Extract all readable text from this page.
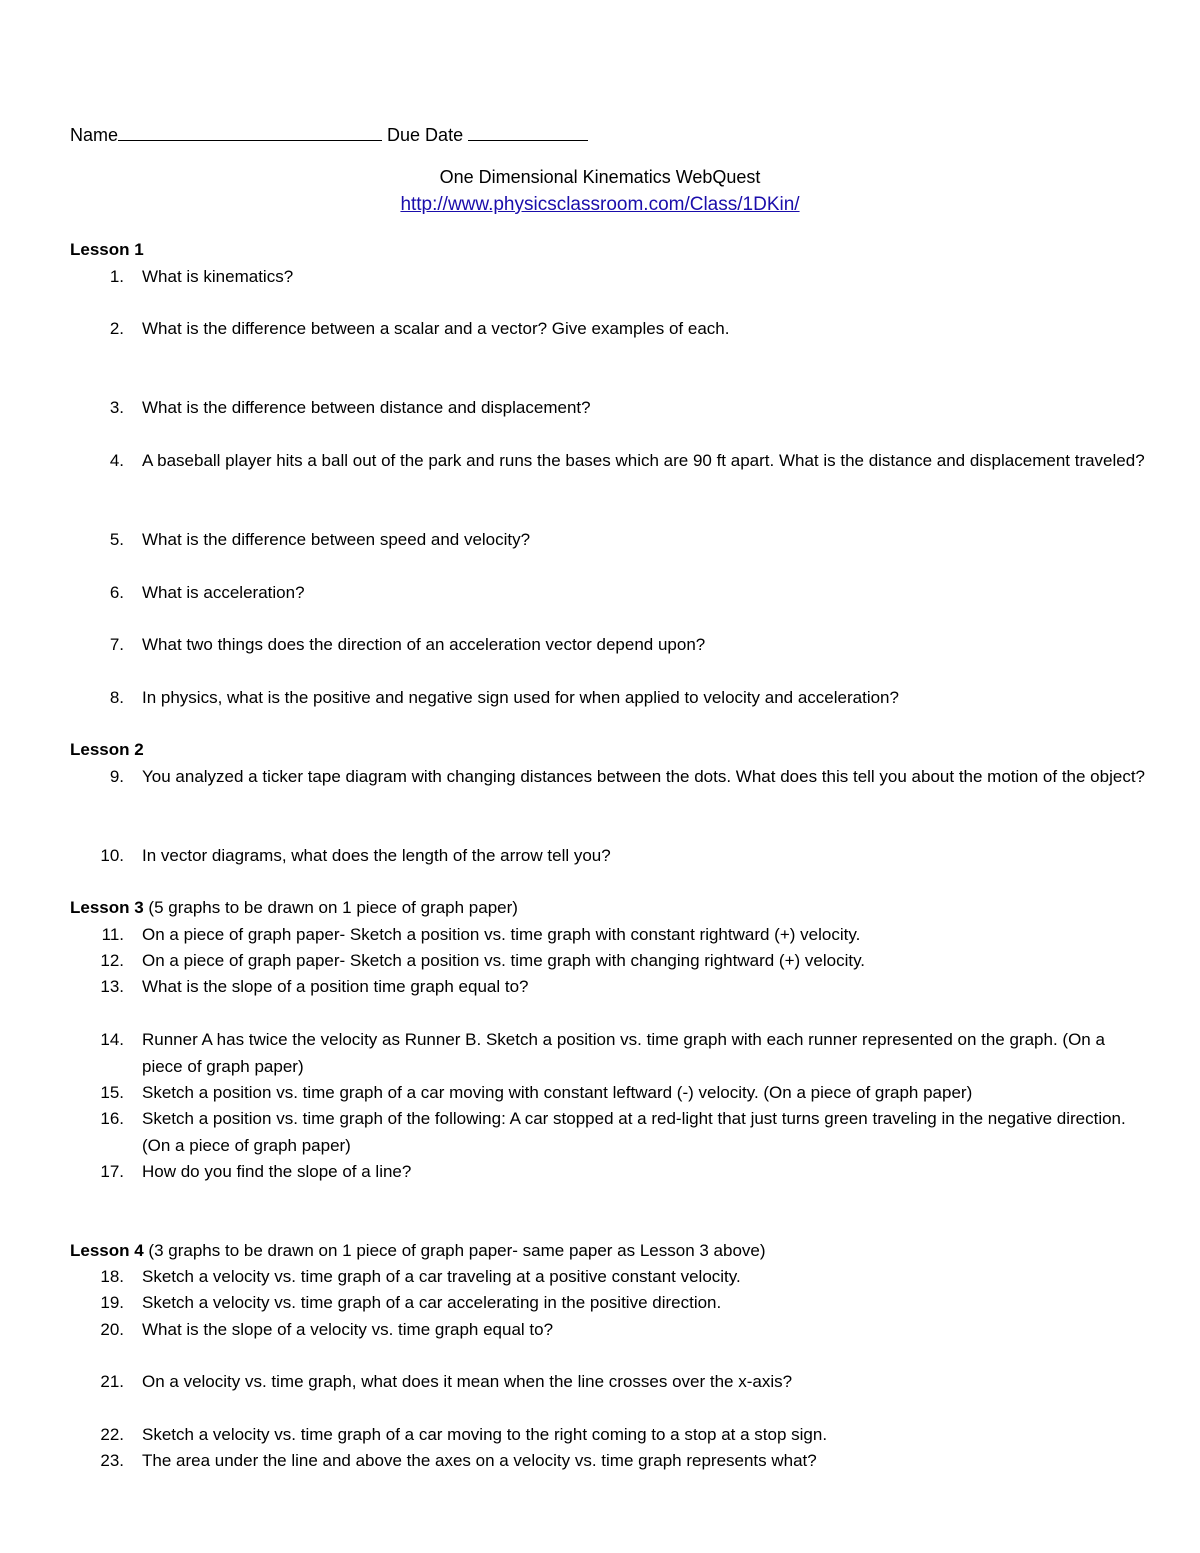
Name	Due Date
One Dimensional Kinematics WebQuest
http://www.physicsclassroom.com/Class/1DKin/
Lesson 1
Lesson 2
Lesson 3 (5 graphs to be drawn on 1 piece of graph paper)
Lesson 4 (3 graphs to be drawn on 1 piece of graph paper- same paper as Lesson 3 above)
1. What is kinematics?
2. What is the difference between a scalar and a vector? Give examples of each.
3. What is the difference between distance and displacement?
4. A baseball player hits a ball out of the park and runs the bases which are 90 ft apart. What is the distance and displacement traveled?
5. What is the difference between speed and velocity?
6. What is acceleration?
7. What two things does the direction of an acceleration vector depend upon?
8. In physics, what is the positive and negative sign used for when applied to velocity and acceleration?
9. You analyzed a ticker tape diagram with changing distances between the dots. What does this tell you about the motion of the object?
10. In vector diagrams, what does the length of the arrow tell you?
11. On a piece of graph paper- Sketch a position vs. time graph with constant rightward (+) velocity.
12. On a piece of graph paper- Sketch a position vs. time graph with changing rightward (+) velocity.
13. What is the slope of a position time graph equal to?
14. Runner A has twice the velocity as Runner B. Sketch a position vs. time graph with each runner represented on the graph. (On a piece of graph paper)
15. Sketch a position vs. time graph of a car moving with constant leftward (-) velocity. (On a piece of graph paper)
16. Sketch a position vs. time graph of the following: A car stopped at a red-light that just turns green traveling in the negative direction. (On a piece of graph paper)
17. How do you find the slope of a line?
18. Sketch a velocity vs. time graph of a car traveling at a positive constant velocity.
19. Sketch a velocity vs. time graph of a car accelerating in the positive direction.
20. What is the slope of a velocity vs. time graph equal to?
21. On a velocity vs. time graph, what does it mean when the line crosses over the x-axis?
22. Sketch a velocity vs. time graph of a car moving to the right coming to a stop at a stop sign.
23. The area under the line and above the axes on a velocity vs. time graph represents what?
